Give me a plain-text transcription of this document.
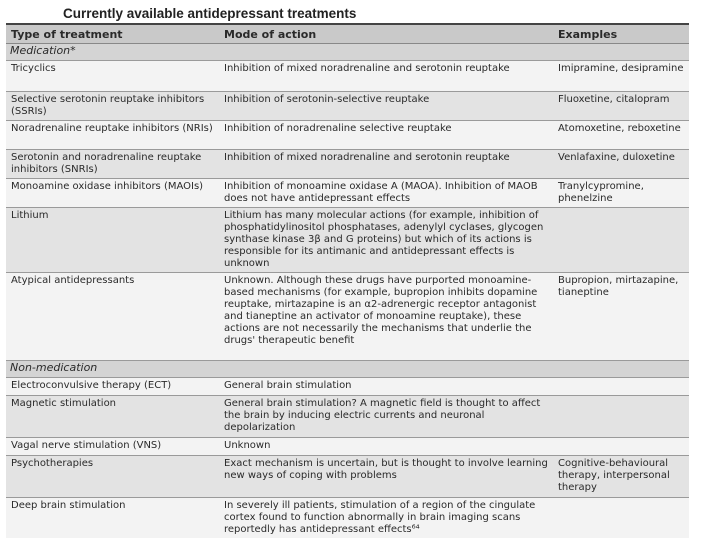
Currently available antidepressant treatments
Type of treatment	Mode of action	Examples
Medication*		
Tricyclics	Inhibition of mixed noradrenaline and serotonin reuptake	Imipramine, desipramine
Selective serotonin reuptake inhibitors (SSRIs)	Inhibition of serotonin-selective reuptake	Fluoxetine, citalopram
Noradrenaline reuptake inhibitors (NRIs)	Inhibition of noradrenaline selective reuptake	Atomoxetine, reboxetine
Serotonin and noradrenaline reuptake inhibitors (SNRIs)	Inhibition of mixed noradrenaline and serotonin reuptake	Venlafaxine, duloxetine
Monoamine oxidase inhibitors (MAOIs)	Inhibition of monoamine oxidase A (MAOA). Inhibition of MAOB does not have antidepressant effects	Tranylcypromine, phenelzine
Lithium	Lithium has many molecular actions (for example, inhibition of phosphatidylinositol phosphatases, adenylyl cyclases, glycogen synthase kinase 3β and G proteins) but which of its actions is responsible for its antimanic and antidepressant effects is unknown	
Atypical antidepressants	Unknown. Although these drugs have purported monoamine-based mechanisms (for example, bupropion inhibits dopamine reuptake, mirtazapine is an α2-adrenergic receptor antagonist and tianeptine an activator of monoamine reuptake), these actions are not necessarily the mechanisms that underlie the drugs' therapeutic benefit	Bupropion, mirtazapine, tianeptine
Non-medication		
Electroconvulsive therapy (ECT)	General brain stimulation	
Magnetic stimulation	General brain stimulation? A magnetic field is thought to affect the brain by inducing electric currents and neuronal depolarization	
Vagal nerve stimulation (VNS)	Unknown	
Psychotherapies	Exact mechanism is uncertain, but is thought to involve learning new ways of coping with problems	Cognitive-behavioural therapy, interpersonal therapy
Deep brain stimulation	In severely ill patients, stimulation of a region of the cingulate cortex found to function abnormally in brain imaging scans reportedly has antidepressant effects⁶⁴	
